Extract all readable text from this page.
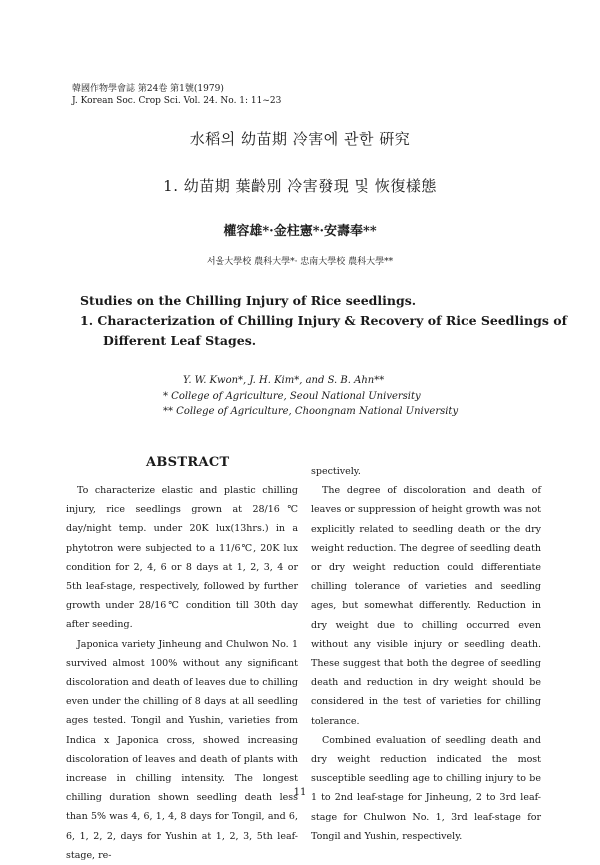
韓國作物學會誌 第24卷 第1號(1979)
J. Korean Soc. Crop Sci. Vol. 24. No. 1: 11~23
水稻의 幼苗期 冷害에 관한 硏究
1. 幼苗期 葉齡別 冷害發現 및 恢復樣態
權容雄*·金柱憲*·安壽奉**
서울大學校 農科大學*· 忠南大學校 農科大學**
Studies on the Chilling Injury of Rice seedlings.
1. Characterization of Chilling Injury & Recovery of Rice Seedlings of
Different Leaf Stages.
Y. W. Kwon*, J. H. Kim*, and S. B. Ahn**
* College of Agriculture, Seoul National University
** College of Agriculture, Choongnam National University
ABSTRACT

To characterize elastic and plastic chilling injury, rice seedlings grown at 28/16℃ day/night temp. under 20K lux(13hrs.) in a phytotron were subjected to a 11/6℃, 20K lux condition for 2, 4, 6 or 8 days at 1, 2, 3, 4 or 5th leaf-stage, respectively, followed by further growth under 28/16℃ condition till 30th day after seeding.

Japonica variety Jinheung and Chulwon No. 1 survived almost 100% without any significant discoloration and death of leaves due to chilling even under the chilling of 8 days at all seedling ages tested. Tongil and Yushin, varieties from Indica x Japonica cross, showed increasing discoloration of leaves and death of plants with increase in chilling intensity. The longest chilling duration shown seedling death less than 5% was 4, 6, 1, 4, 8 days for Tongil, and 6, 6, 1, 2, 2, days for Yushin at 1, 2, 3, 5th leaf-stage, re-

spectively.

The degree of discoloration and death of leaves or suppression of height growth was not explicitly related to seedling death or the dry weight reduction. The degree of seedling death or dry weight reduction could differentiate chilling tolerance of varieties and seedling ages, but somewhat differently. Reduction in dry weight due to chilling occurred even without any visible injury or seedling death. These suggest that both the degree of seedling death and reduction in dry weight should be considered in the test of varieties for chilling tolerance.

Combined evaluation of seedling death and dry weight reduction indicated the most susceptible seedling age to chilling injury to be 1 to 2nd leaf-stage for Jinheung, 2 to 3rd leaf-stage for Chulwon No. 1, 3rd leaf-stage for Tongil and Yushin, respectively.

11
